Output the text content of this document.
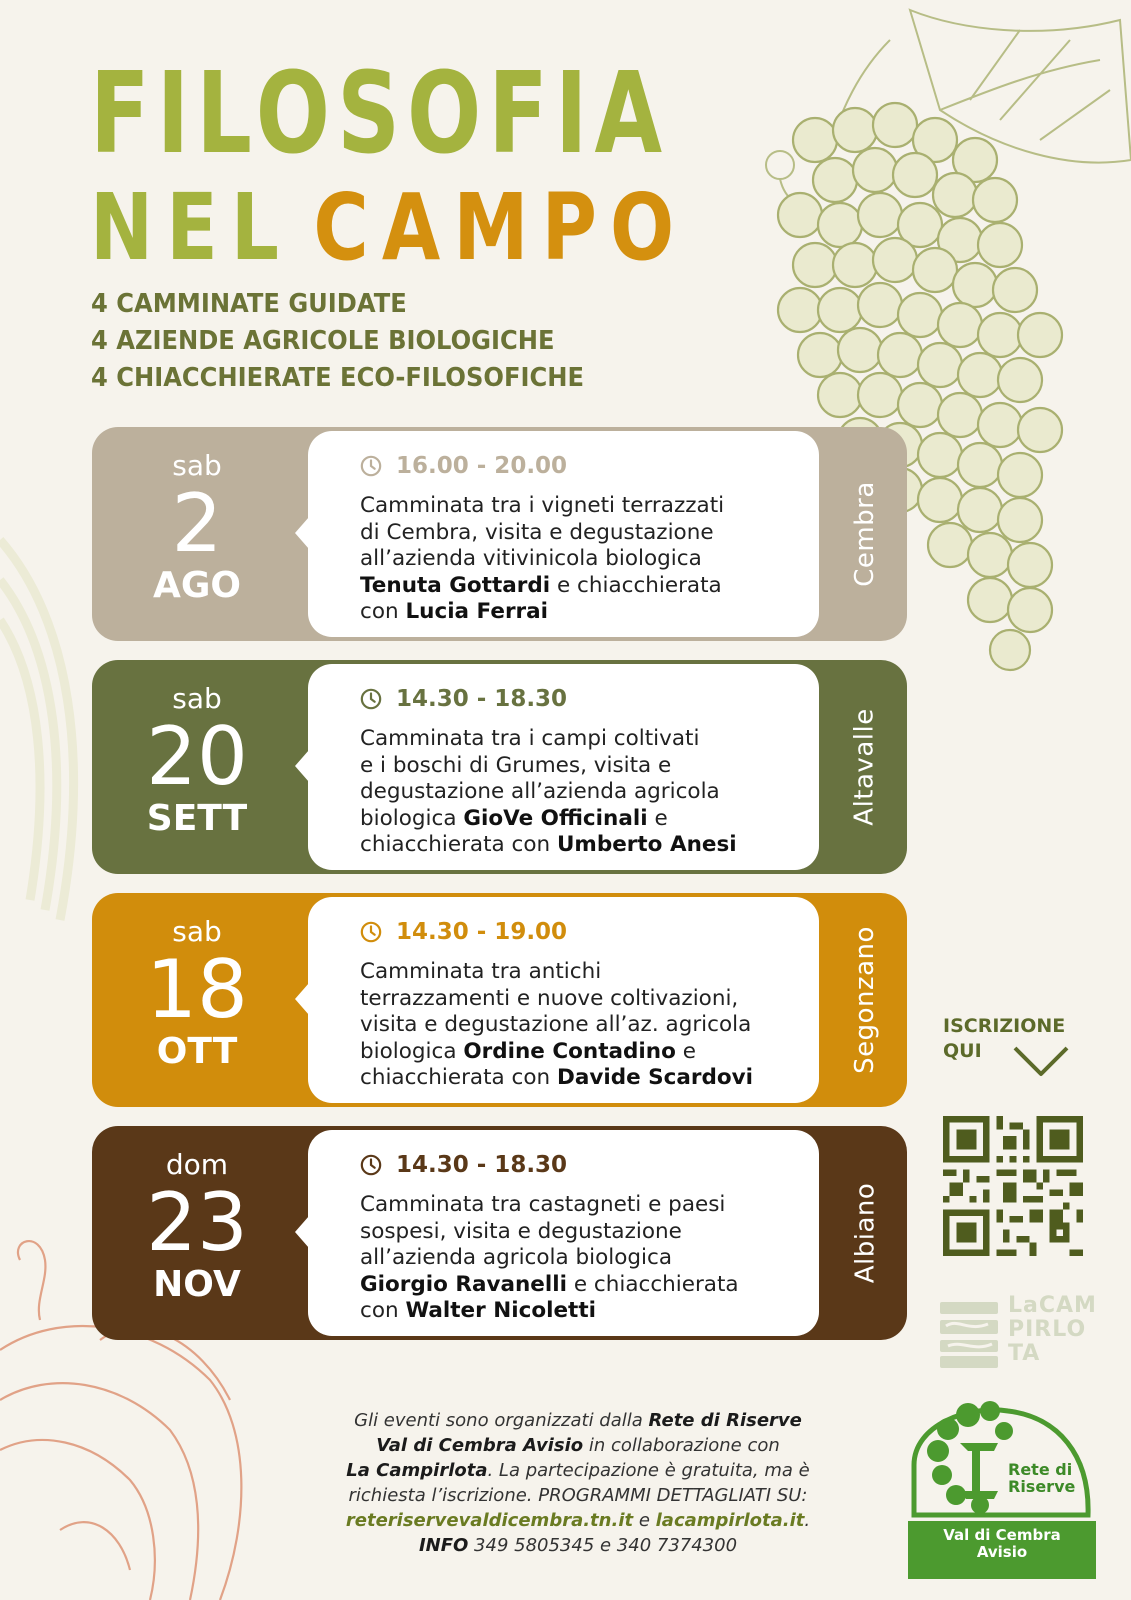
FILOSOFIA
NEL CAMPO
4 CAMMINATE GUIDATE
4 AZIENDE AGRICOLE BIOLOGICHE
4 CHIACCHIERATE ECO-FILOSOFICHE
sab
2
AGO
16.00 - 20.00

Camminata tra i vigneti terrazzati
di Cembra, visita e degustazione
all’azienda vitivinicola biologica
Tenuta Gottardi e chiacchierata
con Lucia Ferrai

Cembra
sab
20
SETT
14.30 - 18.30

Camminata tra i campi coltivati
e i boschi di Grumes, visita e
degustazione all’azienda agricola
biologica GioVe Officinali e
chiacchierata con Umberto Anesi

Altavalle
sab
18
OTT
14.30 - 19.00

Camminata tra antichi
terrazzamenti e nuove coltivazioni,
visita e degustazione all’az. agricola
biologica Ordine Contadino e
chiacchierata con Davide Scardovi

Segonzano
dom
23
NOV
14.30 - 18.30

Camminata tra castagneti e paesi
sospesi, visita e degustazione
all’azienda agricola biologica
Giorgio Ravanelli e chiacchierata
con Walter Nicoletti

Albiano
ISCRIZIONE
QUI
LaCAM
PIRLO
TA

Gli eventi sono organizzati dalla Rete di Riserve
Val di Cembra Avisio in collaborazione con
La Campirlota. La partecipazione è gratuita, ma è
richiesta l’iscrizione. PROGRAMMI DETTAGLIATI SU:
reteriservevaldicembra.tn.it e lacampirlota.it.
INFO 349 5805345 e 340 7374300

Rete di
Riserve
Val di Cembra
Avisio
